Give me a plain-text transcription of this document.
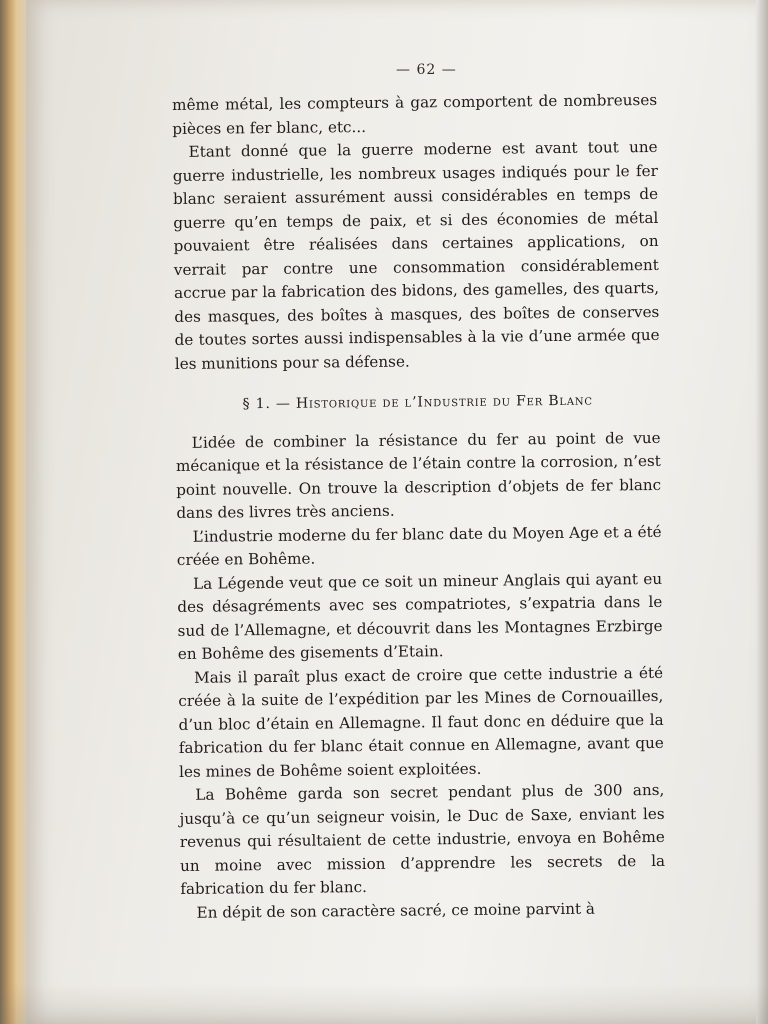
— 62 —

même métal, les compteurs à gaz comportent de nombreuses pièces en fer blanc, etc...

Etant donné que la guerre moderne est avant tout une guerre industrielle, les nombreux usages indiqués pour le fer blanc seraient assurément aussi considérables en temps de guerre qu’en temps de paix, et si des économies de métal pouvaient être réalisées dans certaines applications, on verrait par contre une consommation considérablement accrue par la fabrication des bidons, des gamelles, des quarts, des masques, des boîtes à masques, des boîtes de conserves de toutes sortes aussi indispensables à la vie d’une armée que les munitions pour sa défense.

§ 1. — Historique de l’Industrie du Fer Blanc

L’idée de combiner la résistance du fer au point de vue mécanique et la résistance de l’étain contre la corrosion, n’est point nouvelle. On trouve la description d’objets de fer blanc dans des livres très anciens.

L’industrie moderne du fer blanc date du Moyen Age et a été créée en Bohême.

La Légende veut que ce soit un mineur Anglais qui ayant eu des désagréments avec ses compatriotes, s’expatria dans le sud de l’Allemagne, et découvrit dans les Montagnes Erzbirge en Bohême des gisements d’Etain.

Mais il paraît plus exact de croire que cette industrie a été créée à la suite de l’expédition par les Mines de Cornouailles, d’un bloc d’étain en Allemagne. Il faut donc en déduire que la fabrication du fer blanc était connue en Allemagne, avant que les mines de Bohême soient exploitées.

La Bohême garda son secret pendant plus de 300 ans, jusqu’à ce qu’un seigneur voisin, le Duc de Saxe, enviant les revenus qui résultaient de cette industrie, envoya en Bohême un moine avec mission d’apprendre les secrets de la fabrication du fer blanc.

En dépit de son caractère sacré, ce moine parvint à
